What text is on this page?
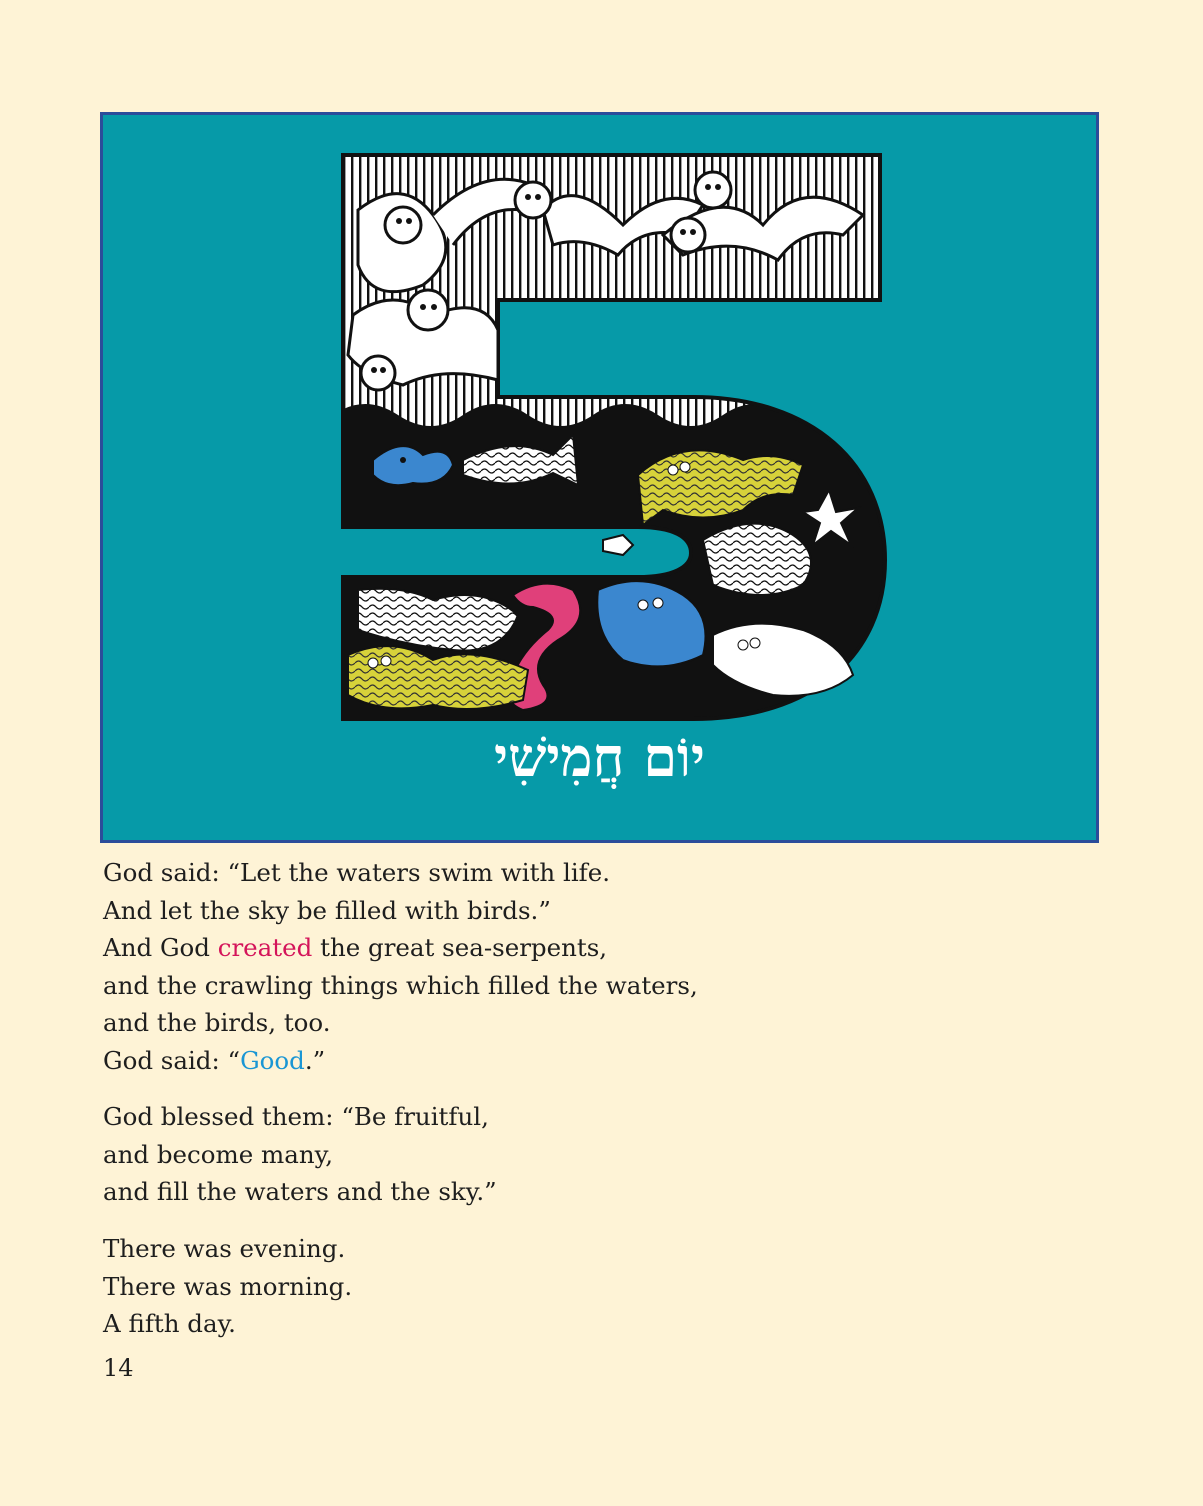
יוֹם חֲמִישִׁי

God said: “Let the waters swim with life.

And let the sky be filled with birds.”

And God created the great sea-serpents,

and the crawling things which filled the waters,

and the birds, too.

God said: “Good.”

God blessed them: “Be fruitful,

and become many,

and fill the waters and the sky.”

There was evening.

There was morning.

A fifth day.

14
